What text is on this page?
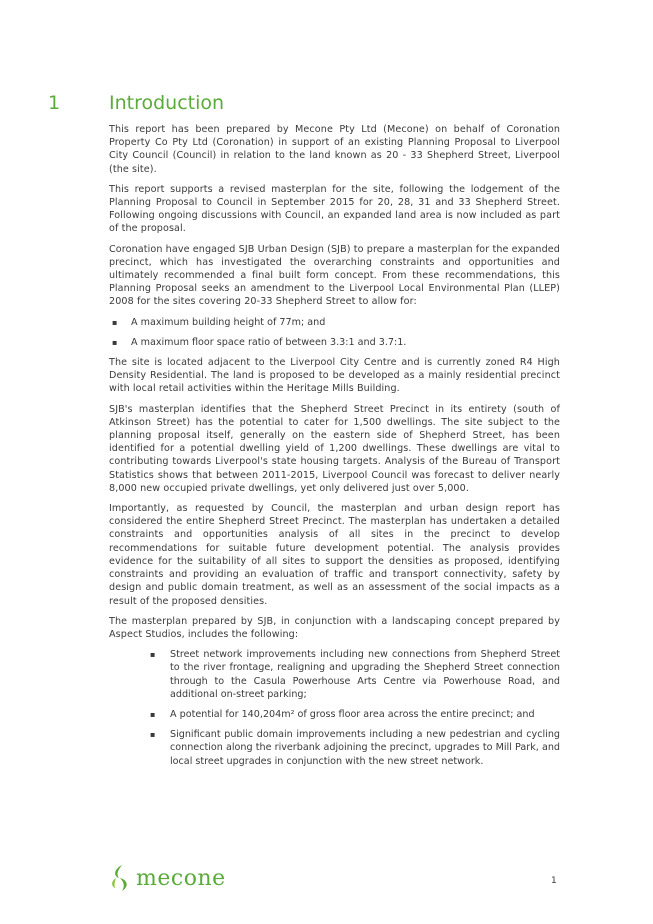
1	Introduction

This report has been prepared by Mecone Pty Ltd (Mecone) on behalf of Coronation Property Co Pty Ltd (Coronation) in support of an existing Planning Proposal to Liverpool City Council (Council) in relation to the land known as 20 - 33 Shepherd Street, Liverpool (the site).

This report supports a revised masterplan for the site, following the lodgement of the Planning Proposal to Council in September 2015 for 20, 28, 31 and 33 Shepherd Street. Following ongoing discussions with Council, an expanded land area is now included as part of the proposal.

Coronation have engaged SJB Urban Design (SJB) to prepare a masterplan for the expanded precinct, which has investigated the overarching constraints and opportunities and ultimately recommended a final built form concept. From these recommendations, this Planning Proposal seeks an amendment to the Liverpool Local Environmental Plan (LLEP) 2008 for the sites covering 20-33 Shepherd Street to allow for:

▪ A maximum building height of 77m; and
▪ A maximum floor space ratio of between 3.3:1 and 3.7:1.

The site is located adjacent to the Liverpool City Centre and is currently zoned R4 High Density Residential. The land is proposed to be developed as a mainly residential precinct with local retail activities within the Heritage Mills Building.

SJB's masterplan identifies that the Shepherd Street Precinct in its entirety (south of Atkinson Street) has the potential to cater for 1,500 dwellings. The site subject to the planning proposal itself, generally on the eastern side of Shepherd Street, has been identified for a potential dwelling yield of 1,200 dwellings. These dwellings are vital to contributing towards Liverpool's state housing targets. Analysis of the Bureau of Transport Statistics shows that between 2011-2015, Liverpool Council was forecast to deliver nearly 8,000 new occupied private dwellings, yet only delivered just over 5,000.

Importantly, as requested by Council, the masterplan and urban design report has considered the entire Shepherd Street Precinct. The masterplan has undertaken a detailed constraints and opportunities analysis of all sites in the precinct to develop recommendations for suitable future development potential. The analysis provides evidence for the suitability of all sites to support the densities as proposed, identifying constraints and providing an evaluation of traffic and transport connectivity, safety by design and public domain treatment, as well as an assessment of the social impacts as a result of the proposed densities.

The masterplan prepared by SJB, in conjunction with a landscaping concept prepared by Aspect Studios, includes the following:

▪ Street network improvements including new connections from Shepherd Street to the river frontage, realigning and upgrading the Shepherd Street connection through to the Casula Powerhouse Arts Centre via Powerhouse Road, and additional on-street parking;
▪ A potential for 140,204m² of gross floor area across the entire precinct; and
▪ Significant public domain improvements including a new pedestrian and cycling connection along the riverbank adjoining the precinct, upgrades to Mill Park, and local street upgrades in conjunction with the new street network.
mecone	1
